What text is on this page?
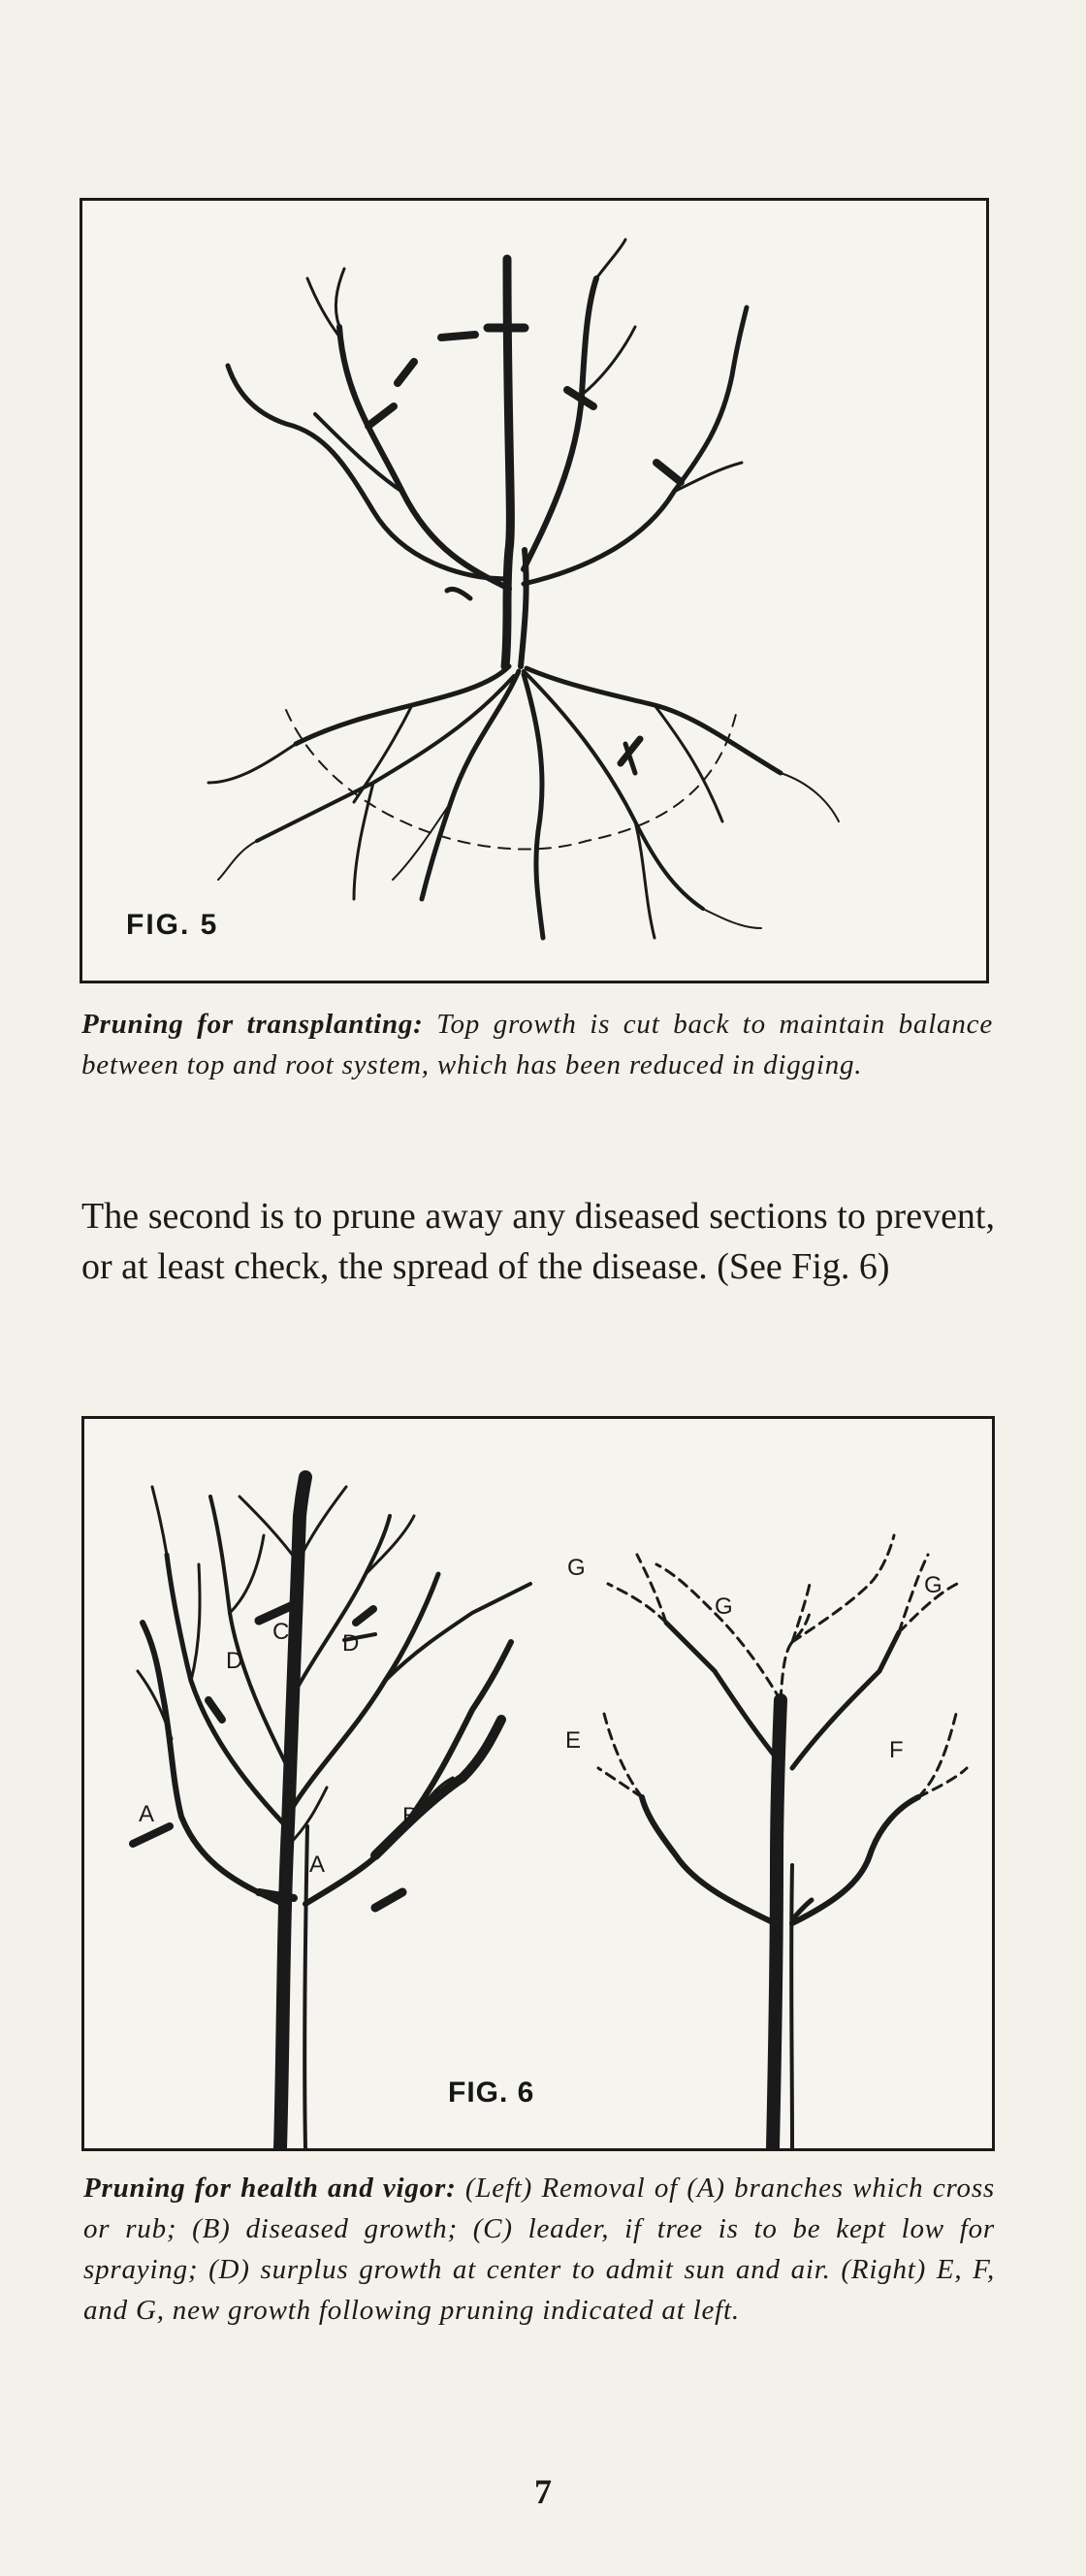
FIG. 5

Pruning for transplanting: Top growth is cut back to maintain balance between top and root system, which has been reduced in digging.

The second is to prune away any diseased sections to prevent, or at least check, the spread of the disease. (See Fig. 6)

A
D
C D
A
B
G
G
G
E	F
FIG. 6

Pruning for health and vigor: (Left) Removal of (A) branches which cross or rub; (B) diseased growth; (C) leader, if tree is to be kept low for spraying; (D) surplus growth at center to admit sun and air. (Right) E, F, and G, new growth following pruning indicated at left.

7
